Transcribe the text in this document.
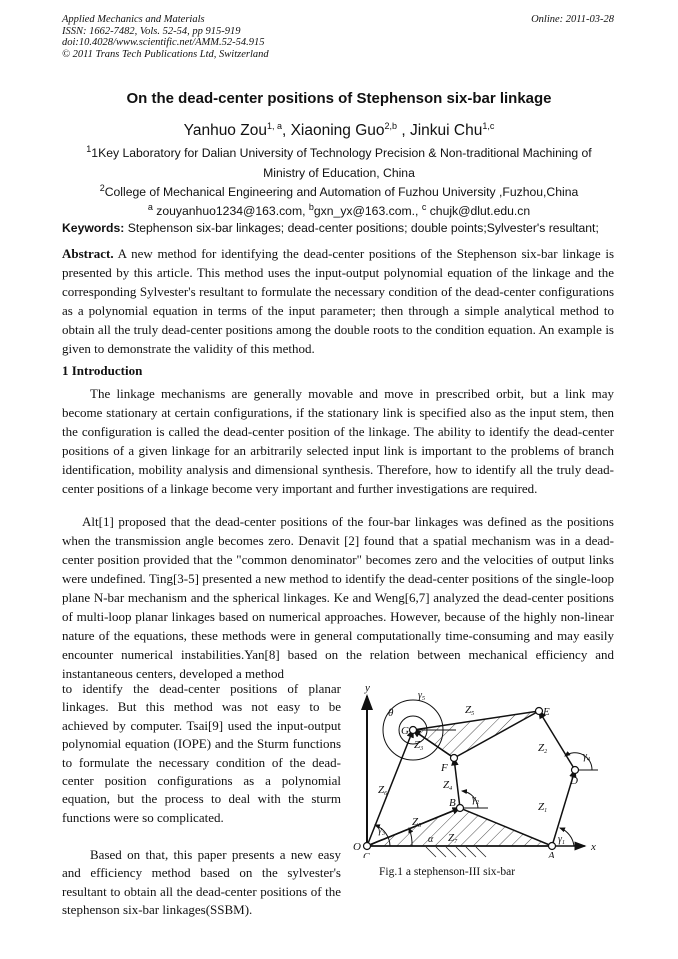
Applied Mechanics and Materials
ISSN: 1662-7482, Vols. 52-54, pp 915-919
doi:10.4028/www.scientific.net/AMM.52-54.915
© 2011 Trans Tech Publications Ltd, Switzerland
Online: 2011-03-28
On the dead-center positions of Stephenson six-bar linkage
Yanhuo Zou$^{1, a}$, Xiaoning Guo$^{2,b}$ , Jinkui Chu$^{1,c}$
$^1$1Key Laboratory for Dalian University of Technology Precision & Non-traditional Machining of
Ministry of Education, China
$^2$College of Mechanical Engineering and Automation of Fuzhou University ,Fuzhou,China
$^a$ zouyanhuo1234@163.com, $^b$gxn_yx@163.com., $^c$ chujk@dlut.edu.cn
Keywords: Stephenson six-bar linkages; dead-center positions; double points;Sylvester's resultant;
Abstract. A new method for identifying the dead-center positions of the Stephenson six-bar linkage is presented by this article. This method uses the input-output polynomial equation of the linkage and the corresponding Sylvester's resultant to formulate the necessary condition of the dead-center configurations as a polynomial equation in terms of the input parameter; then through a simple analytical method to obtain all the truly dead-center positions among the double roots to the condition equation. An example is given to demonstrate the validity of this method.
1 Introduction
The linkage mechanisms are generally movable and move in prescribed orbit, but a link may become stationary at certain configurations, if the stationary link is specified also as the input stem, then the configuration is called the dead-center position of the linkage. The ability to identify the dead-center positions of a given linkage for an arbitrarily selected input link is important to the problems of branch identification, mobility analysis and dimensional synthesis. Therefore, how to identify all the truly dead-center positions of a linkage become very important and further investigations are required.
Alt[1] proposed that the dead-center positions of the four-bar linkages was defined as the positions when the transmission angle becomes zero. Denavit [2] found that a spatial mechanism was in a dead-center position provided that the "common denominator" becomes zero and the velocities of output links were undefined. Ting[3-5] presented a new method to identify the dead-center positions of the single-loop plane N-bar mechanism and the spherical linkages. Ke and Weng[6,7] analyzed the dead-center positions of multi-loop planar linkages based on numerical approaches. However, because of the highly non-linear nature of the equations, these methods were in general computationally time-consuming and may easily encounter numerical instabilities.Yan[8] based on the relation between mechanical efficiency and instantaneous centers, developed a method
to identify the dead-center positions of planar linkages. But this method was not easy to be achieved by computer. Tsai[9] used the input-output polynomial equation (IOPE) and the Sturm functions to formulate the necessary condition of the dead-center position configurations as a polynomial equation, but the process to deal with the sturm functions were so complicated.
Based on that, this paper presents a new easy and efficiency method based on the sylvester's resultant to obtain all the dead-center positions of the stephenson six-bar linkages(SSBM).
y
x
O
C	A
B
D
E
F
G
θ
α
$\gamma_5$
$\gamma_3$	$\gamma_1$
$\gamma_2$
$\gamma_4$
Z5
Z2
Z3
Z4
Z6
Z1
Z8
Z7
Fig.1 a stephenson-III six-bar
